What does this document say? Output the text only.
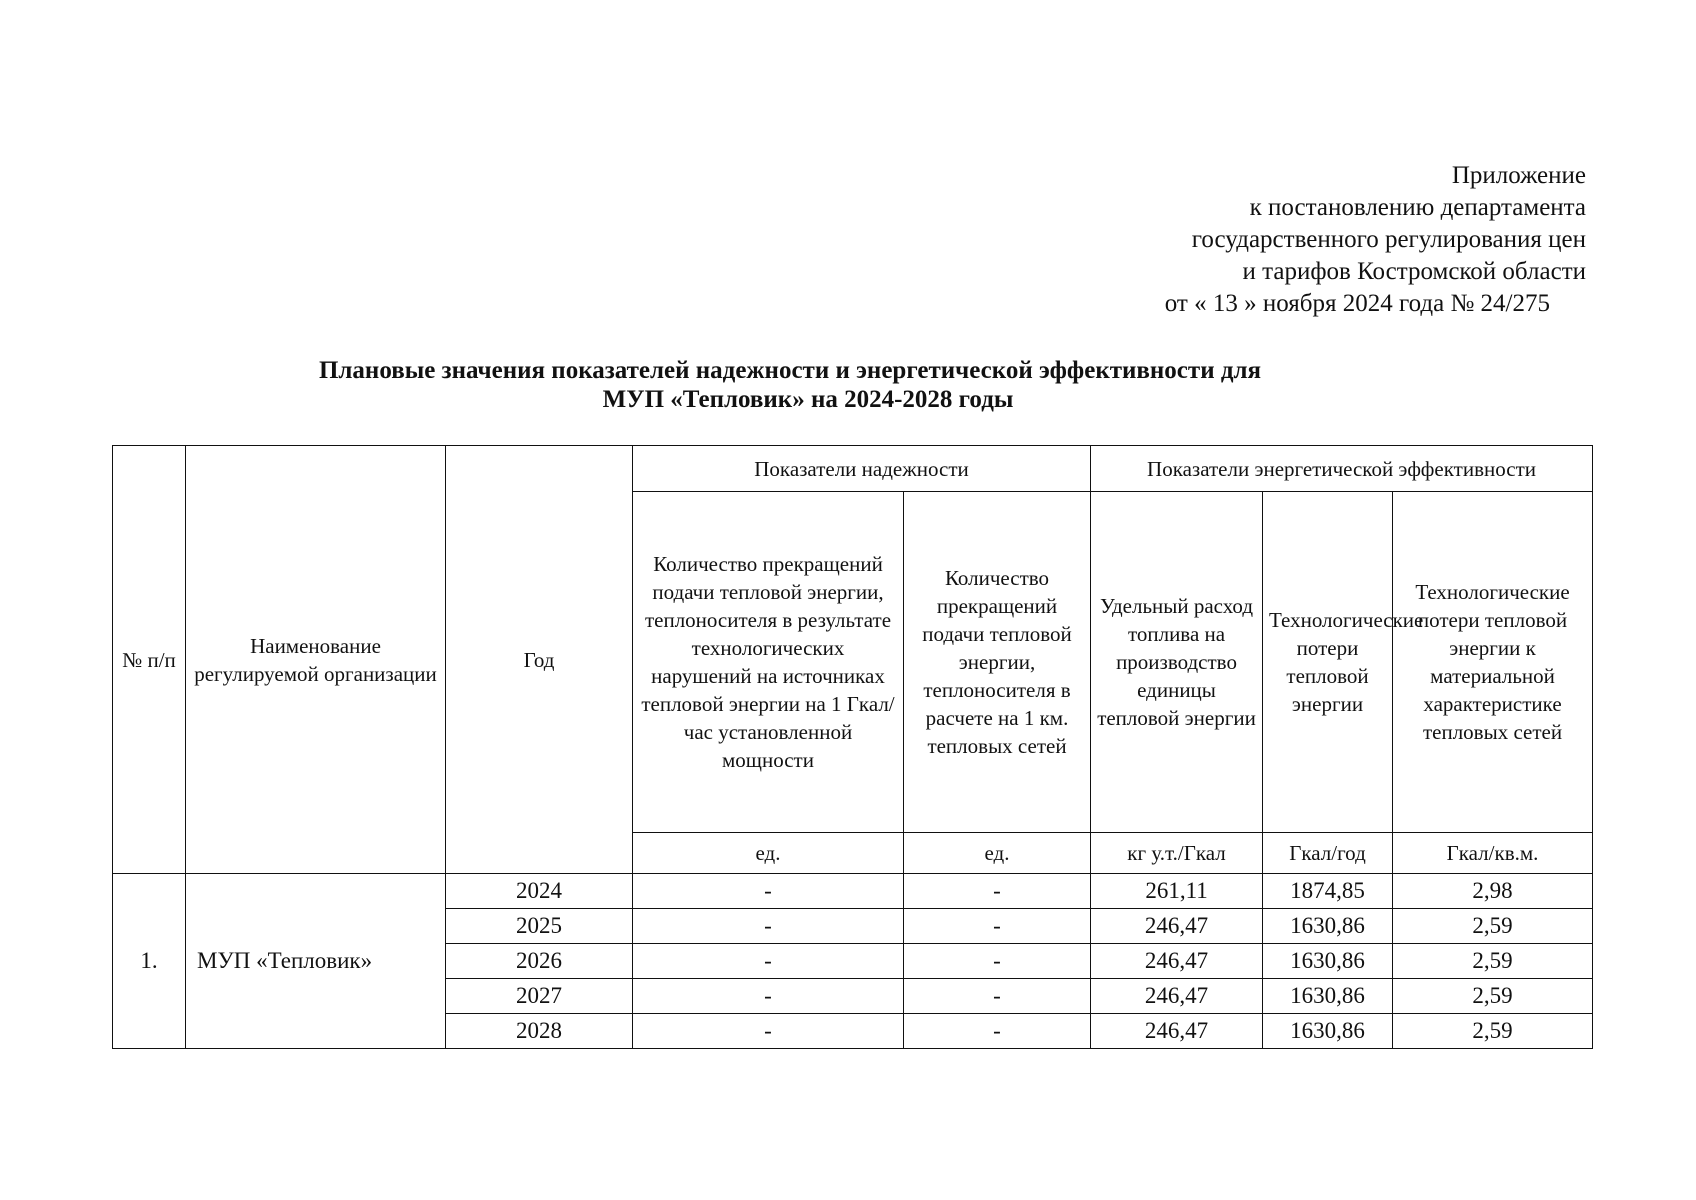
Приложение
к постановлению департамента
государственного регулирования цен
и тарифов Костромской области
от « 13 » ноября 2024 года № 24/275
Плановые значения показателей надежности и энергетической эффективности для
МУП «Тепловик» на 2024-2028 годы
№ п/п	Наименование регулируемой организации	Год	Показатели надежности		Показатели энергетической эффективности		
			Количество прекращений подачи тепловой энергии, теплоносителя в результате технологических нарушений на источниках тепловой энергии на 1 Гкал/час установленной мощности	Количество прекращений подачи тепловой энергии, теплоносителя в расчете на 1 км. тепловых сетей	Удельный расход топлива на производство единицы тепловой энергии	Технологические потери тепловой энергии	Технологические потери тепловой энергии к материальной характеристике тепловых сетей
			ед.	ед.	кг у.т./Гкал	Гкал/год	Гкал/кв.м.
1.	МУП «Тепловик»	2024	-	-	261,11	1874,85	2,98
		2025	-	-	246,47	1630,86	2,59
		2026	-	-	246,47	1630,86	2,59
		2027	-	-	246,47	1630,86	2,59
		2028	-	-	246,47	1630,86	2,59
